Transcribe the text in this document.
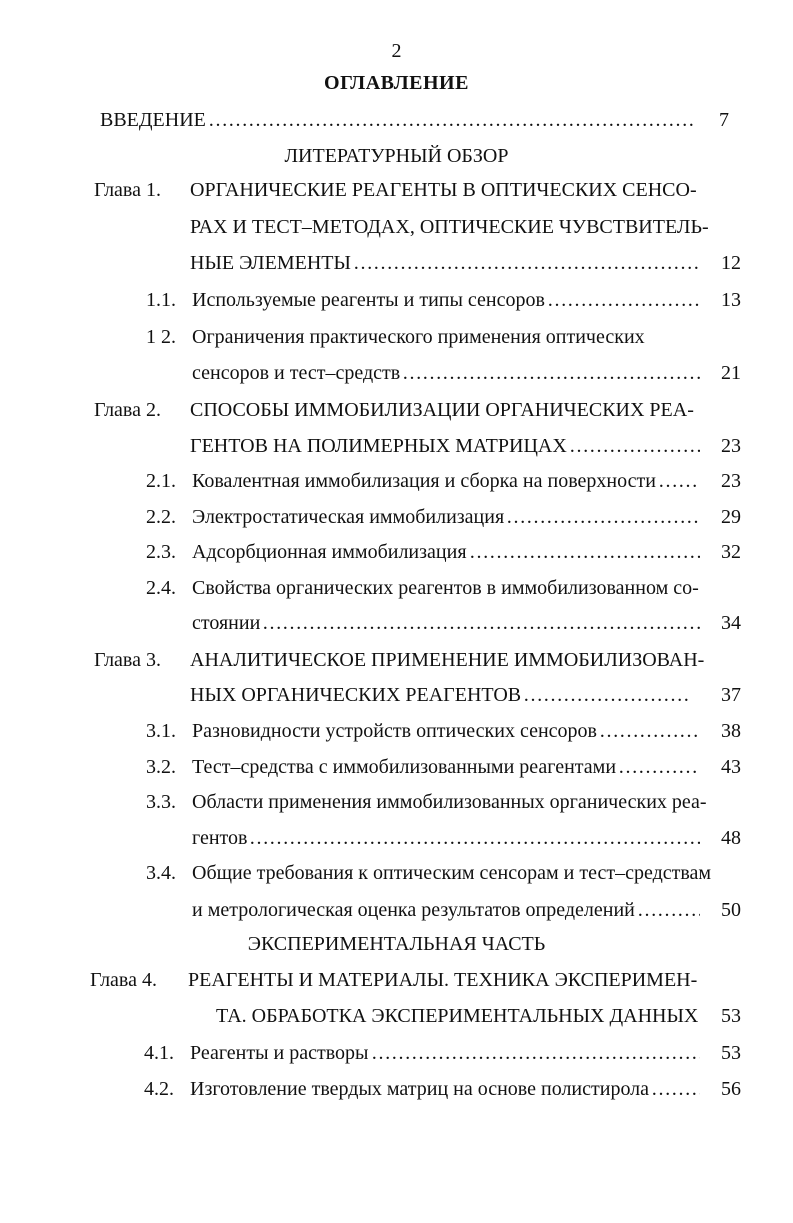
2
ОГЛАВЛЕНИЕ
ВВЕДЕНИЕ …………………………………………………………………………………………………………………………………………………………………	7
ЛИТЕРАТУРНЫЙ ОБЗОР
Глава 1. ОРГАНИЧЕСКИЕ РЕАГЕНТЫ В ОПТИЧЕСКИХ СЕНСО-
РАХ И ТЕСТ–МЕТОДАХ, ОПТИЧЕСКИЕ ЧУВСТВИТЕЛЬ-
НЫЕ ЭЛЕМЕНТЫ …………………………………………………………………………………………………………………………………………………………………	12
1.1. Используемые реагенты и типы сенсоров …………………………………………………………………………………………………………………………………………………………………	13
1 2. Ограничения практического применения оптических
сенсоров и тест–средств …………………………………………………………………………………………………………………………………………………………………	21
Глава 2. СПОСОБЫ ИММОБИЛИЗАЦИИ ОРГАНИЧЕСКИХ РЕА-
ГЕНТОВ НА ПОЛИМЕРНЫХ МАТРИЦАХ …………………………………………………………………………………………………………………………………………………………………	23
2.1. Ковалентная иммобилизация и сборка на поверхности …………………………………………………………………………………………………………………………………………………………………	23
2.2. Электростатическая иммобилизация …………………………………………………………………………………………………………………………………………………………………	29
2.3. Адсорбционная иммобилизация …………………………………………………………………………………………………………………………………………………………………	32
2.4. Свойства органических реагентов в иммобилизованном со-
стоянии …………………………………………………………………………………………………………………………………………………………………	34
Глава 3. АНАЛИТИЧЕСКОЕ ПРИМЕНЕНИЕ ИММОБИЛИЗОВАН-
НЫХ ОРГАНИЧЕСКИХ РЕАГЕНТОВ …………………………………………………………………………………………………………………………………………………………………	37
3.1. Разновидности устройств оптических сенсоров …………………………………………………………………………………………………………………………………………………………………	38
3.2. Тест–средства с иммобилизованными реагентами …………………………………………………………………………………………………………………………………………………………………	43
3.3. Области применения иммобилизованных органических реа-
гентов …………………………………………………………………………………………………………………………………………………………………	48
3.4. Общие требования к оптическим сенсорам и тест–средствам
и метрологическая оценка результатов определений …………………………………………………………………………………………………………………………………………………………………	50
ЭКСПЕРИМЕНТАЛЬНАЯ ЧАСТЬ
Глава 4. РЕАГЕНТЫ И МАТЕРИАЛЫ. ТЕХНИКА ЭКСПЕРИМЕН-
ТА. ОБРАБОТКА ЭКСПЕРИМЕНТАЛЬНЫХ ДАННЫХ 53
4.1. Реагенты и растворы …………………………………………………………………………………………………………………………………………………………………	53
4.2. Изготовление твердых матриц на основе полистирола …………………………………………………………………………………………………………………………………………………………………	56
